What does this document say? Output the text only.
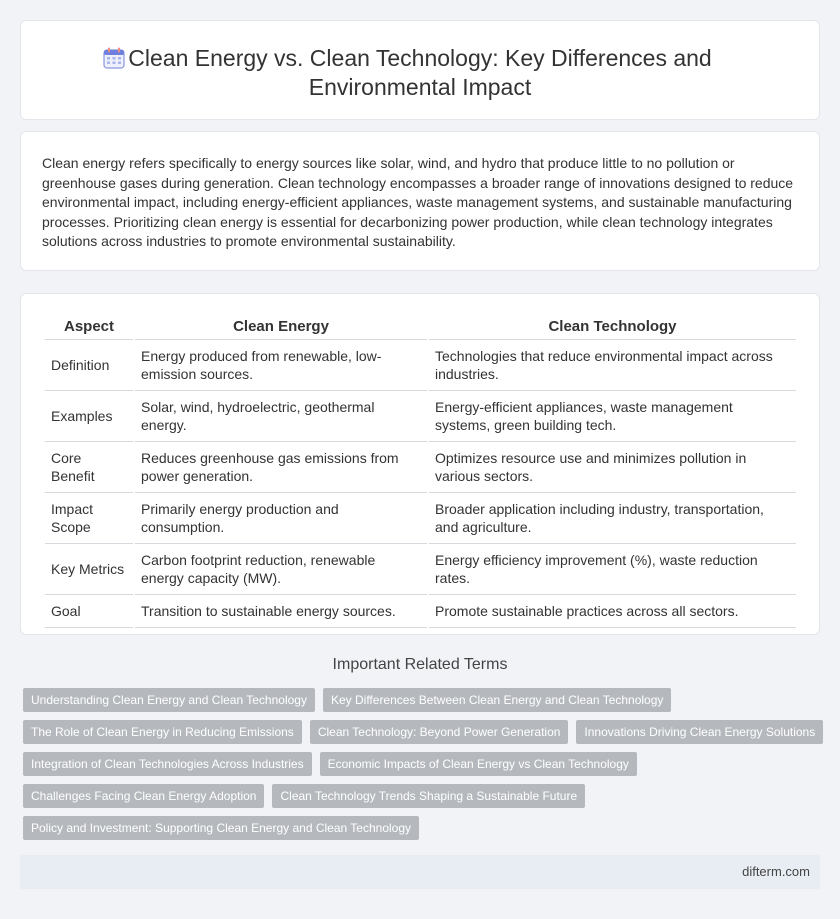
Clean Energy vs. Clean Technology: Key Differences and
Environmental Impact

Clean energy refers specifically to energy sources like solar, wind, and hydro that produce little to no pollution or greenhouse gases during generation. Clean technology encompasses a broader range of innovations designed to reduce environmental impact, including energy-efficient appliances, waste management systems, and sustainable manufacturing processes. Prioritizing clean energy is essential for decarbonizing power production, while clean technology integrates solutions across industries to promote environmental sustainability.

Aspect	Clean Energy	Clean Technology
Definition	Energy produced from renewable, low-emission sources.	Technologies that reduce environmental impact across industries.
Examples	Solar, wind, hydroelectric, geothermal energy.	Energy-efficient appliances, waste management systems, green building tech.
Core Benefit	Reduces greenhouse gas emissions from power generation.	Optimizes resource use and minimizes pollution in various sectors.
Impact Scope	Primarily energy production and consumption.	Broader application including industry, transportation, and agriculture.
Key Metrics	Carbon footprint reduction, renewable energy capacity (MW).	Energy efficiency improvement (%), waste reduction rates.
Goal	Transition to sustainable energy sources.	Promote sustainable practices across all sectors.
Important Related Terms
Understanding Clean Energy and Clean Technology	Key Differences Between Clean Energy and Clean Technology
The Role of Clean Energy in Reducing Emissions	Clean Technology: Beyond Power Generation	Innovations Driving Clean Energy Solutions
Integration of Clean Technologies Across Industries	Economic Impacts of Clean Energy vs Clean Technology
Challenges Facing Clean Energy Adoption	Clean Technology Trends Shaping a Sustainable Future
Policy and Investment: Supporting Clean Energy and Clean Technology
difterm.com
